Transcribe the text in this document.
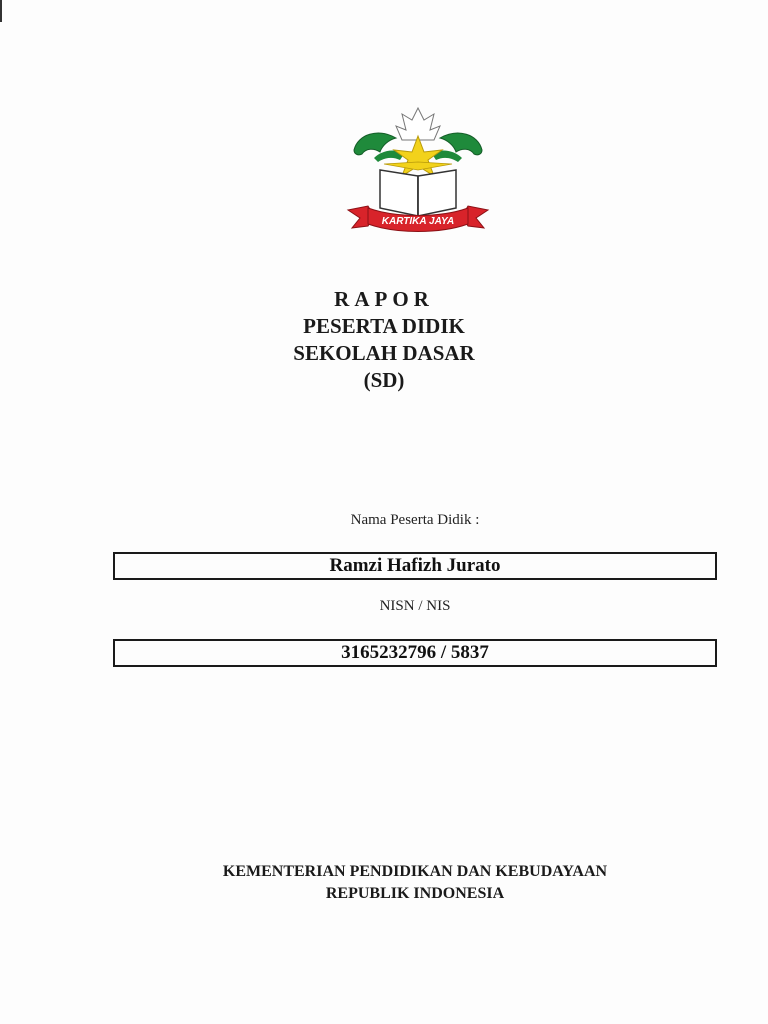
KARTIKA JAYA
RAPOR
PESERTA DIDIK
SEKOLAH DASAR
(SD)
Nama Peserta Didik :
Ramzi Hafizh Jurato
NISN / NIS
3165232796 / 5837
KEMENTERIAN PENDIDIKAN DAN KEBUDAYAAN
REPUBLIK INDONESIA
